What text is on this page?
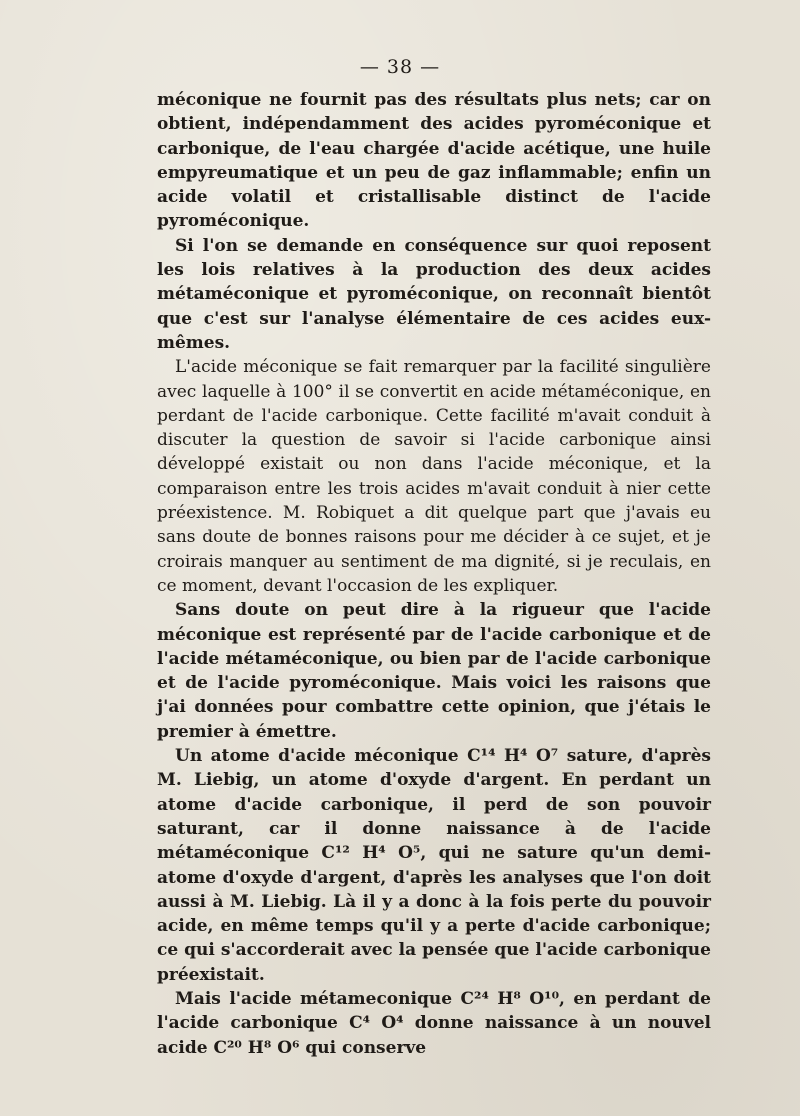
— 38 —

méconique ne fournit pas des résultats plus nets; car on obtient, indépendamment des acides pyroméconique et carbonique, de l'eau chargée d'acide acétique, une huile empyreumatique et un peu de gaz inflammable; enfin un acide volatil et cristallisable distinct de l'acide pyroméconique.

Si l'on se demande en conséquence sur quoi reposent les lois relatives à la production des deux acides métaméconique et pyroméconique, on reconnaît bientôt que c'est sur l'analyse élémentaire de ces acides eux-mêmes.

L'acide méconique se fait remarquer par la facilité singulière avec laquelle à 100° il se convertit en acide métaméconique, en perdant de l'acide carbonique. Cette facilité m'avait conduit à discuter la question de savoir si l'acide carbonique ainsi développé existait ou non dans l'acide méconique, et la comparaison entre les trois acides m'avait conduit à nier cette préexistence. M. Robiquet a dit quelque part que j'avais eu sans doute de bonnes raisons pour me décider à ce sujet, et je croirais manquer au sentiment de ma dignité, si je reculais, en ce moment, devant l'occasion de les expliquer.

Sans doute on peut dire à la rigueur que l'acide méconique est représenté par de l'acide carbonique et de l'acide métaméconique, ou bien par de l'acide carbonique et de l'acide pyroméconique. Mais voici les raisons que j'ai données pour combattre cette opinion, que j'étais le premier à émettre.

Un atome d'acide méconique C¹⁴ H⁴ O⁷ sature, d'après M. Liebig, un atome d'oxyde d'argent. En perdant un atome d'acide carbonique, il perd de son pouvoir saturant, car il donne naissance à de l'acide métaméconique C¹² H⁴ O⁵, qui ne sature qu'un demi-atome d'oxyde d'argent, d'après les analyses que l'on doit aussi à M. Liebig. Là il y a donc à la fois perte du pouvoir acide, en même temps qu'il y a perte d'acide carbonique; ce qui s'accorderait avec la pensée que l'acide carbonique préexistait.

Mais l'acide métameconique C²⁴ H⁸ O¹⁰, en perdant de l'acide carbonique C⁴ O⁴ donne naissance à un nouvel acide C²⁰ H⁸ O⁶ qui conserve
